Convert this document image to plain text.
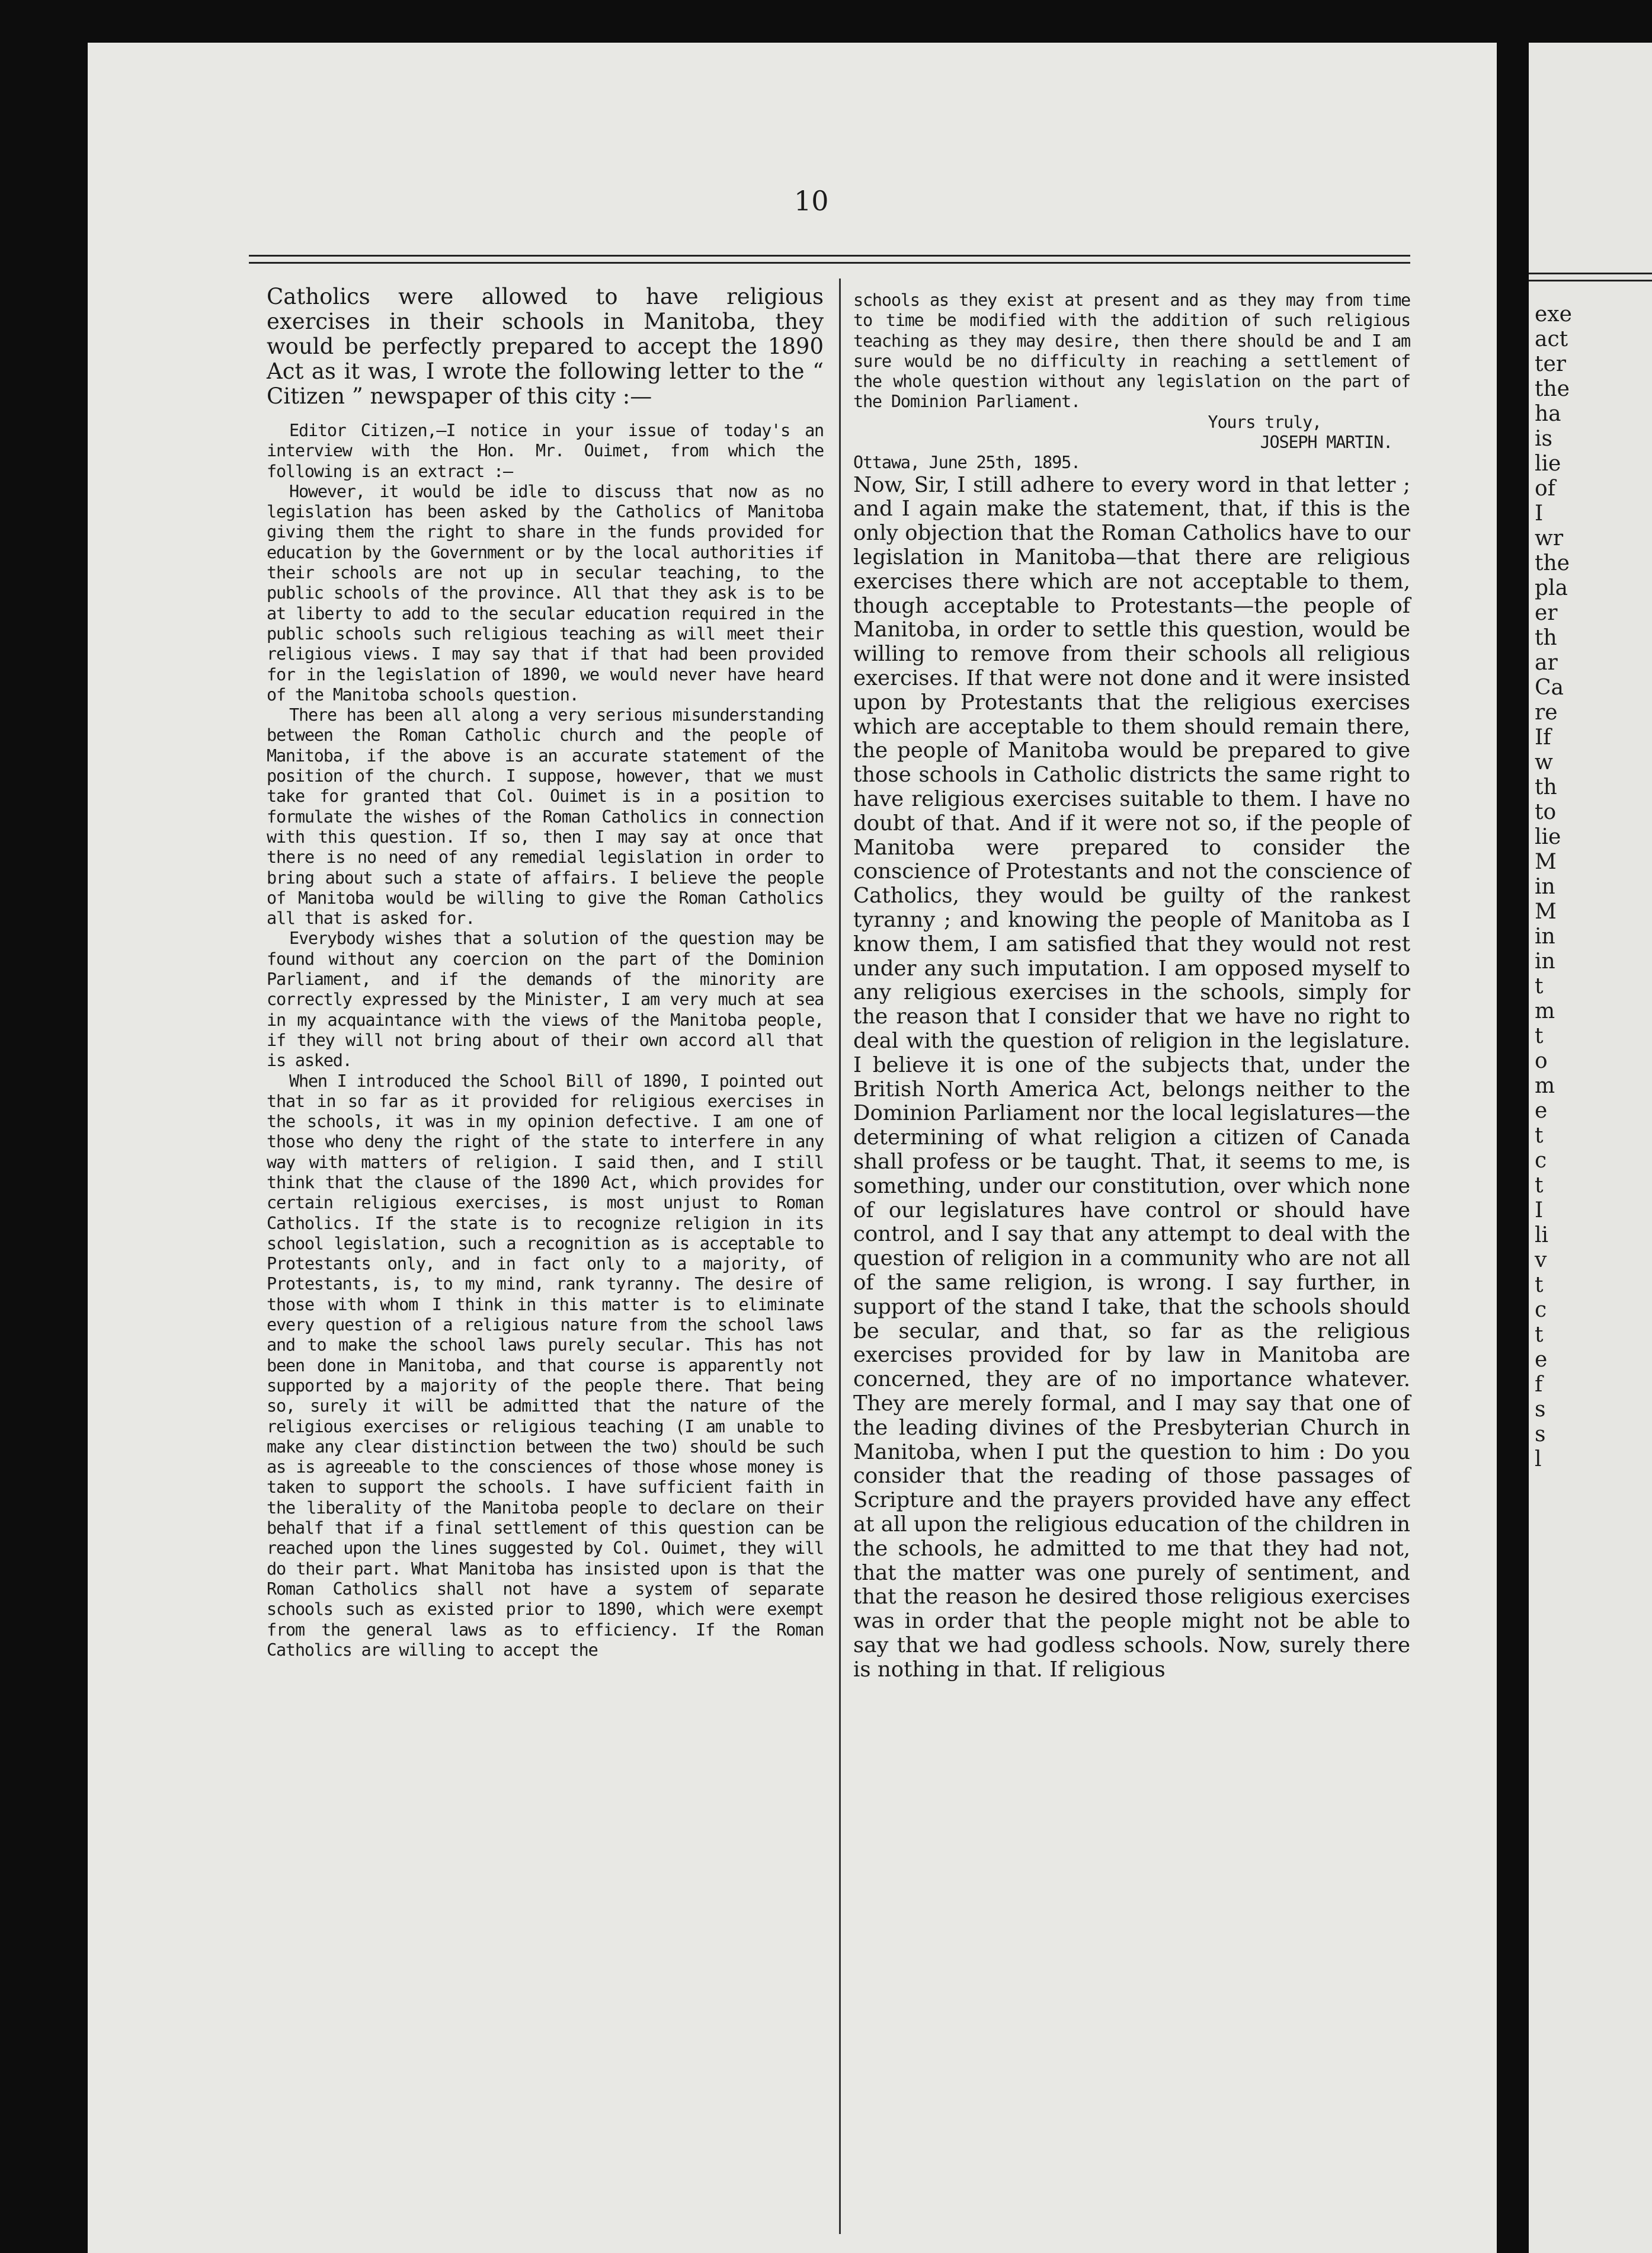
exe
act
ter
the
ha
is
lie
of
I
wr
the
pla
er
th
ar
Ca
re
If
w
th
to
lie
M
in
M
in
in
t
m
t
o
m
e
t
c
t
I
li
v
t
c
t
e
f
s
s
l
10

Catholics were allowed to have religious exercises in their schools in Manitoba, they would be perfectly prepared to accept the 1890 Act as it was, I wrote the following letter to the “ Citizen ” newspaper of this city :—

Editor Citizen,—I notice in your issue of today's an interview with the Hon. Mr. Ouimet, from which the following is an extract :—

However, it would be idle to discuss that now as no legislation has been asked by the Catholics of Manitoba giving them the right to share in the funds provided for education by the Government or by the local authorities if their schools are not up in secular teaching, to the public schools of the province. All that they ask is to be at liberty to add to the secular education required in the public schools such religious teaching as will meet their religious views. I may say that if that had been provided for in the legislation of 1890, we would never have heard of the Manitoba schools question.

There has been all along a very serious misunderstanding between the Roman Catholic church and the people of Manitoba, if the above is an accurate statement of the position of the church. I suppose, however, that we must take for granted that Col. Ouimet is in a position to formulate the wishes of the Roman Catholics in connection with this question. If so, then I may say at once that there is no need of any remedial legislation in order to bring about such a state of affairs. I believe the people of Manitoba would be willing to give the Roman Catholics all that is asked for.

Everybody wishes that a solution of the question may be found without any coercion on the part of the Dominion Parliament, and if the demands of the minority are correctly expressed by the Minister, I am very much at sea in my acquaintance with the views of the Manitoba people, if they will not bring about of their own accord all that is asked.

When I introduced the School Bill of 1890, I pointed out that in so far as it provided for religious exercises in the schools, it was in my opinion defective. I am one of those who deny the right of the state to interfere in any way with matters of religion. I said then, and I still think that the clause of the 1890 Act, which provides for certain religious exercises, is most unjust to Roman Catholics. If the state is to recognize religion in its school legislation, such a recognition as is acceptable to Protestants only, and in fact only to a majority, of Protestants, is, to my mind, rank tyranny. The desire of those with whom I think in this matter is to eliminate every question of a religious nature from the school laws and to make the school laws purely secular. This has not been done in Manitoba, and that course is apparently not supported by a majority of the people there. That being so, surely it will be admitted that the nature of the religious exercises or religious teaching (I am unable to make any clear distinction between the two) should be such as is agreeable to the consciences of those whose money is taken to support the schools. I have sufficient faith in the liberality of the Manitoba people to declare on their behalf that if a final settlement of this question can be reached upon the lines suggested by Col. Ouimet, they will do their part. What Manitoba has insisted upon is that the Roman Catholics shall not have a system of separate schools such as existed prior to 1890, which were exempt from the general laws as to efficiency. If the Roman Catholics are willing to accept the

schools as they exist at present and as they may from time to time be modified with the addition of such religious teaching as they may desire, then there should be and I am sure would be no difficulty in reaching a settlement of the whole question without any legislation on the part of the Dominion Parliament.

Yours truly,

JOSEPH MARTIN.

Ottawa, June 25th, 1895.

Now, Sir, I still adhere to every word in that letter ; and I again make the statement, that, if this is the only objection that the Roman Catholics have to our legislation in Manitoba—that there are religious exercises there which are not acceptable to them, though acceptable to Protestants—the people of Manitoba, in order to settle this question, would be willing to remove from their schools all religious exercises. If that were not done and it were insisted upon by Protestants that the religious exercises which are acceptable to them should remain there, the people of Manitoba would be prepared to give those schools in Catholic districts the same right to have religious exercises suitable to them. I have no doubt of that. And if it were not so, if the people of Manitoba were prepared to consider the conscience of Protestants and not the conscience of Catholics, they would be guilty of the rankest tyranny ; and knowing the people of Manitoba as I know them, I am satisfied that they would not rest under any such imputation. I am opposed myself to any religious exercises in the schools, simply for the reason that I consider that we have no right to deal with the question of religion in the legislature. I believe it is one of the subjects that, under the British North America Act, belongs neither to the Dominion Parliament nor the local legislatures—the determining of what religion a citizen of Canada shall profess or be taught. That, it seems to me, is something, under our constitution, over which none of our legislatures have control or should have control, and I say that any attempt to deal with the question of religion in a community who are not all of the same religion, is wrong. I say further, in support of the stand I take, that the schools should be secular, and that, so far as the religious exercises provided for by law in Manitoba are concerned, they are of no importance whatever. They are merely formal, and I may say that one of the leading divines of the Presbyterian Church in Manitoba, when I put the question to him : Do you consider that the reading of those passages of Scripture and the prayers provided have any effect at all upon the religious education of the children in the schools, he admitted to me that they had not, that the matter was one purely of sentiment, and that the reason he desired those religious exercises was in order that the people might not be able to say that we had godless schools. Now, surely there is nothing in that. If religious
